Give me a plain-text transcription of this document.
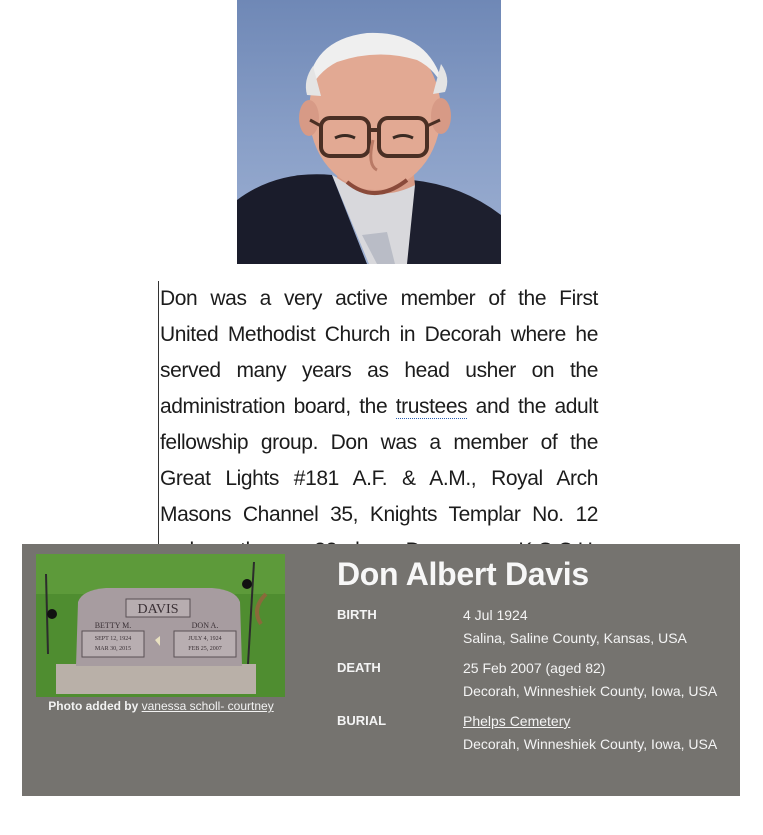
Don was a very active member of the First United Methodist Church in Decorah where he served many years as head usher on the administration board, the trustees and the adult fellowship group. Don was a member of the Great Lights #181 A.F. & A.M., Royal Arch Masons Channel 35, Knights Templar No. 12
DAVIS
BETTY M.
SEPT 12, 1924
MAR 30, 2015
DON A.
JULY 4, 1924
FEB 25, 2007
Photo added by vanessa scholl- courtney
Don Albert Davis
BIRTH	4 Jul 1924
Salina, Saline County, Kansas, USA
DEATH	25 Feb 2007 (aged 82)
Decorah, Winneshiek County, Iowa, USA
BURIAL	Phelps Cemetery
Decorah, Winneshiek County, Iowa, USA
